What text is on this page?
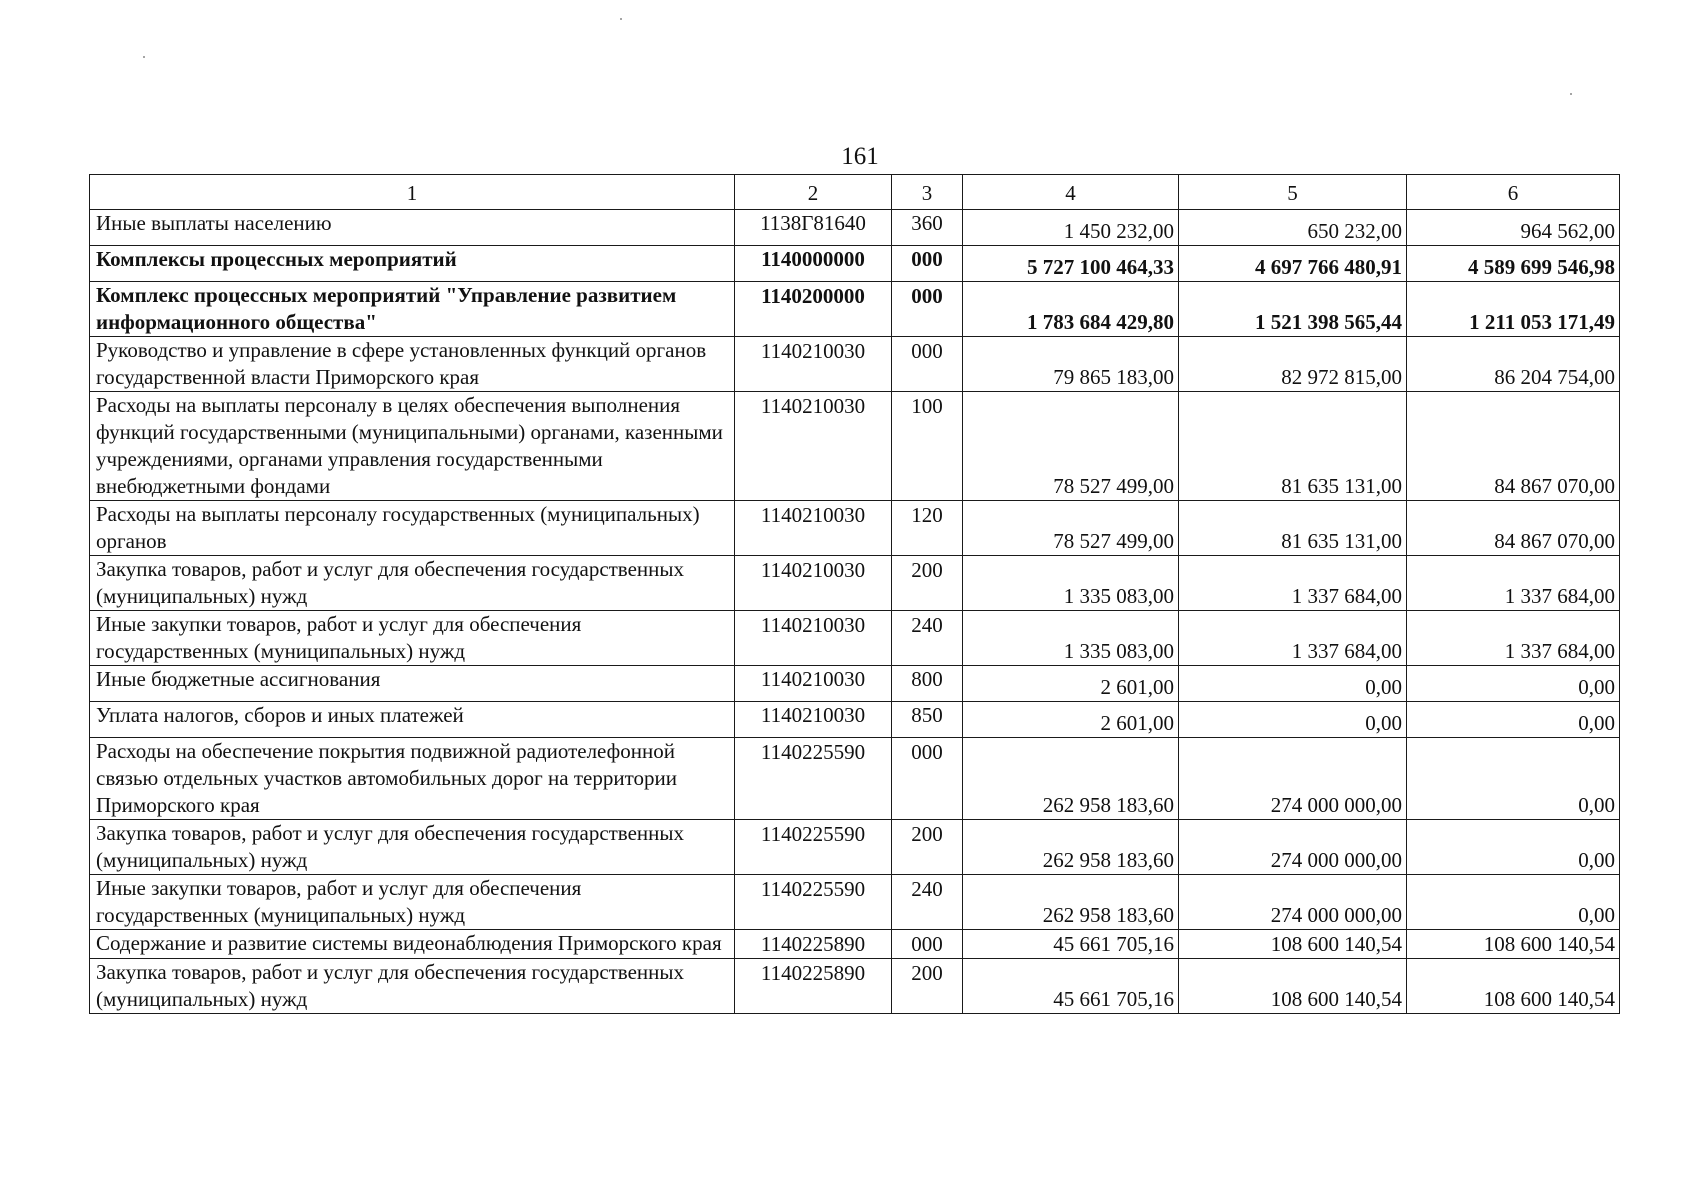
161
1	2	3	4	5	6
Иные выплаты населению	1138Г81640	360	1 450 232,00	650 232,00	964 562,00
Комплексы процессных мероприятий	1140000000	000	5 727 100 464,33	4 697 766 480,91	4 589 699 546,98
Комплекс процессных мероприятий "Управление развитием информационного общества"	1140200000	000	1 783 684 429,80	1 521 398 565,44	1 211 053 171,49
Руководство и управление в сфере установленных функций органов государственной власти Приморского края	1140210030	000	79 865 183,00	82 972 815,00	86 204 754,00
Расходы на выплаты персоналу в целях обеспечения выполнения функций государственными (муниципальными) органами, казенными учреждениями, органами управления государственными внебюджетными фондами	1140210030	100	78 527 499,00	81 635 131,00	84 867 070,00
Расходы на выплаты персоналу государственных (муниципальных) органов	1140210030	120	78 527 499,00	81 635 131,00	84 867 070,00
Закупка товаров, работ и услуг для обеспечения государственных (муниципальных) нужд	1140210030	200	1 335 083,00	1 337 684,00	1 337 684,00
Иные закупки товаров, работ и услуг для обеспечения государственных (муниципальных) нужд	1140210030	240	1 335 083,00	1 337 684,00	1 337 684,00
Иные бюджетные ассигнования	1140210030	800	2 601,00	0,00	0,00
Уплата налогов, сборов и иных платежей	1140210030	850	2 601,00	0,00	0,00
Расходы на обеспечение покрытия подвижной радиотелефонной связью отдельных участков автомобильных дорог на территории Приморского края	1140225590	000	262 958 183,60	274 000 000,00	0,00
Закупка товаров, работ и услуг для обеспечения государственных (муниципальных) нужд	1140225590	200	262 958 183,60	274 000 000,00	0,00
Иные закупки товаров, работ и услуг для обеспечения государственных (муниципальных) нужд	1140225590	240	262 958 183,60	274 000 000,00	0,00
Содержание и развитие системы видеонаблюдения Приморского края	1140225890	000	45 661 705,16	108 600 140,54	108 600 140,54
Закупка товаров, работ и услуг для обеспечения государственных (муниципальных) нужд	1140225890	200	45 661 705,16	108 600 140,54	108 600 140,54
